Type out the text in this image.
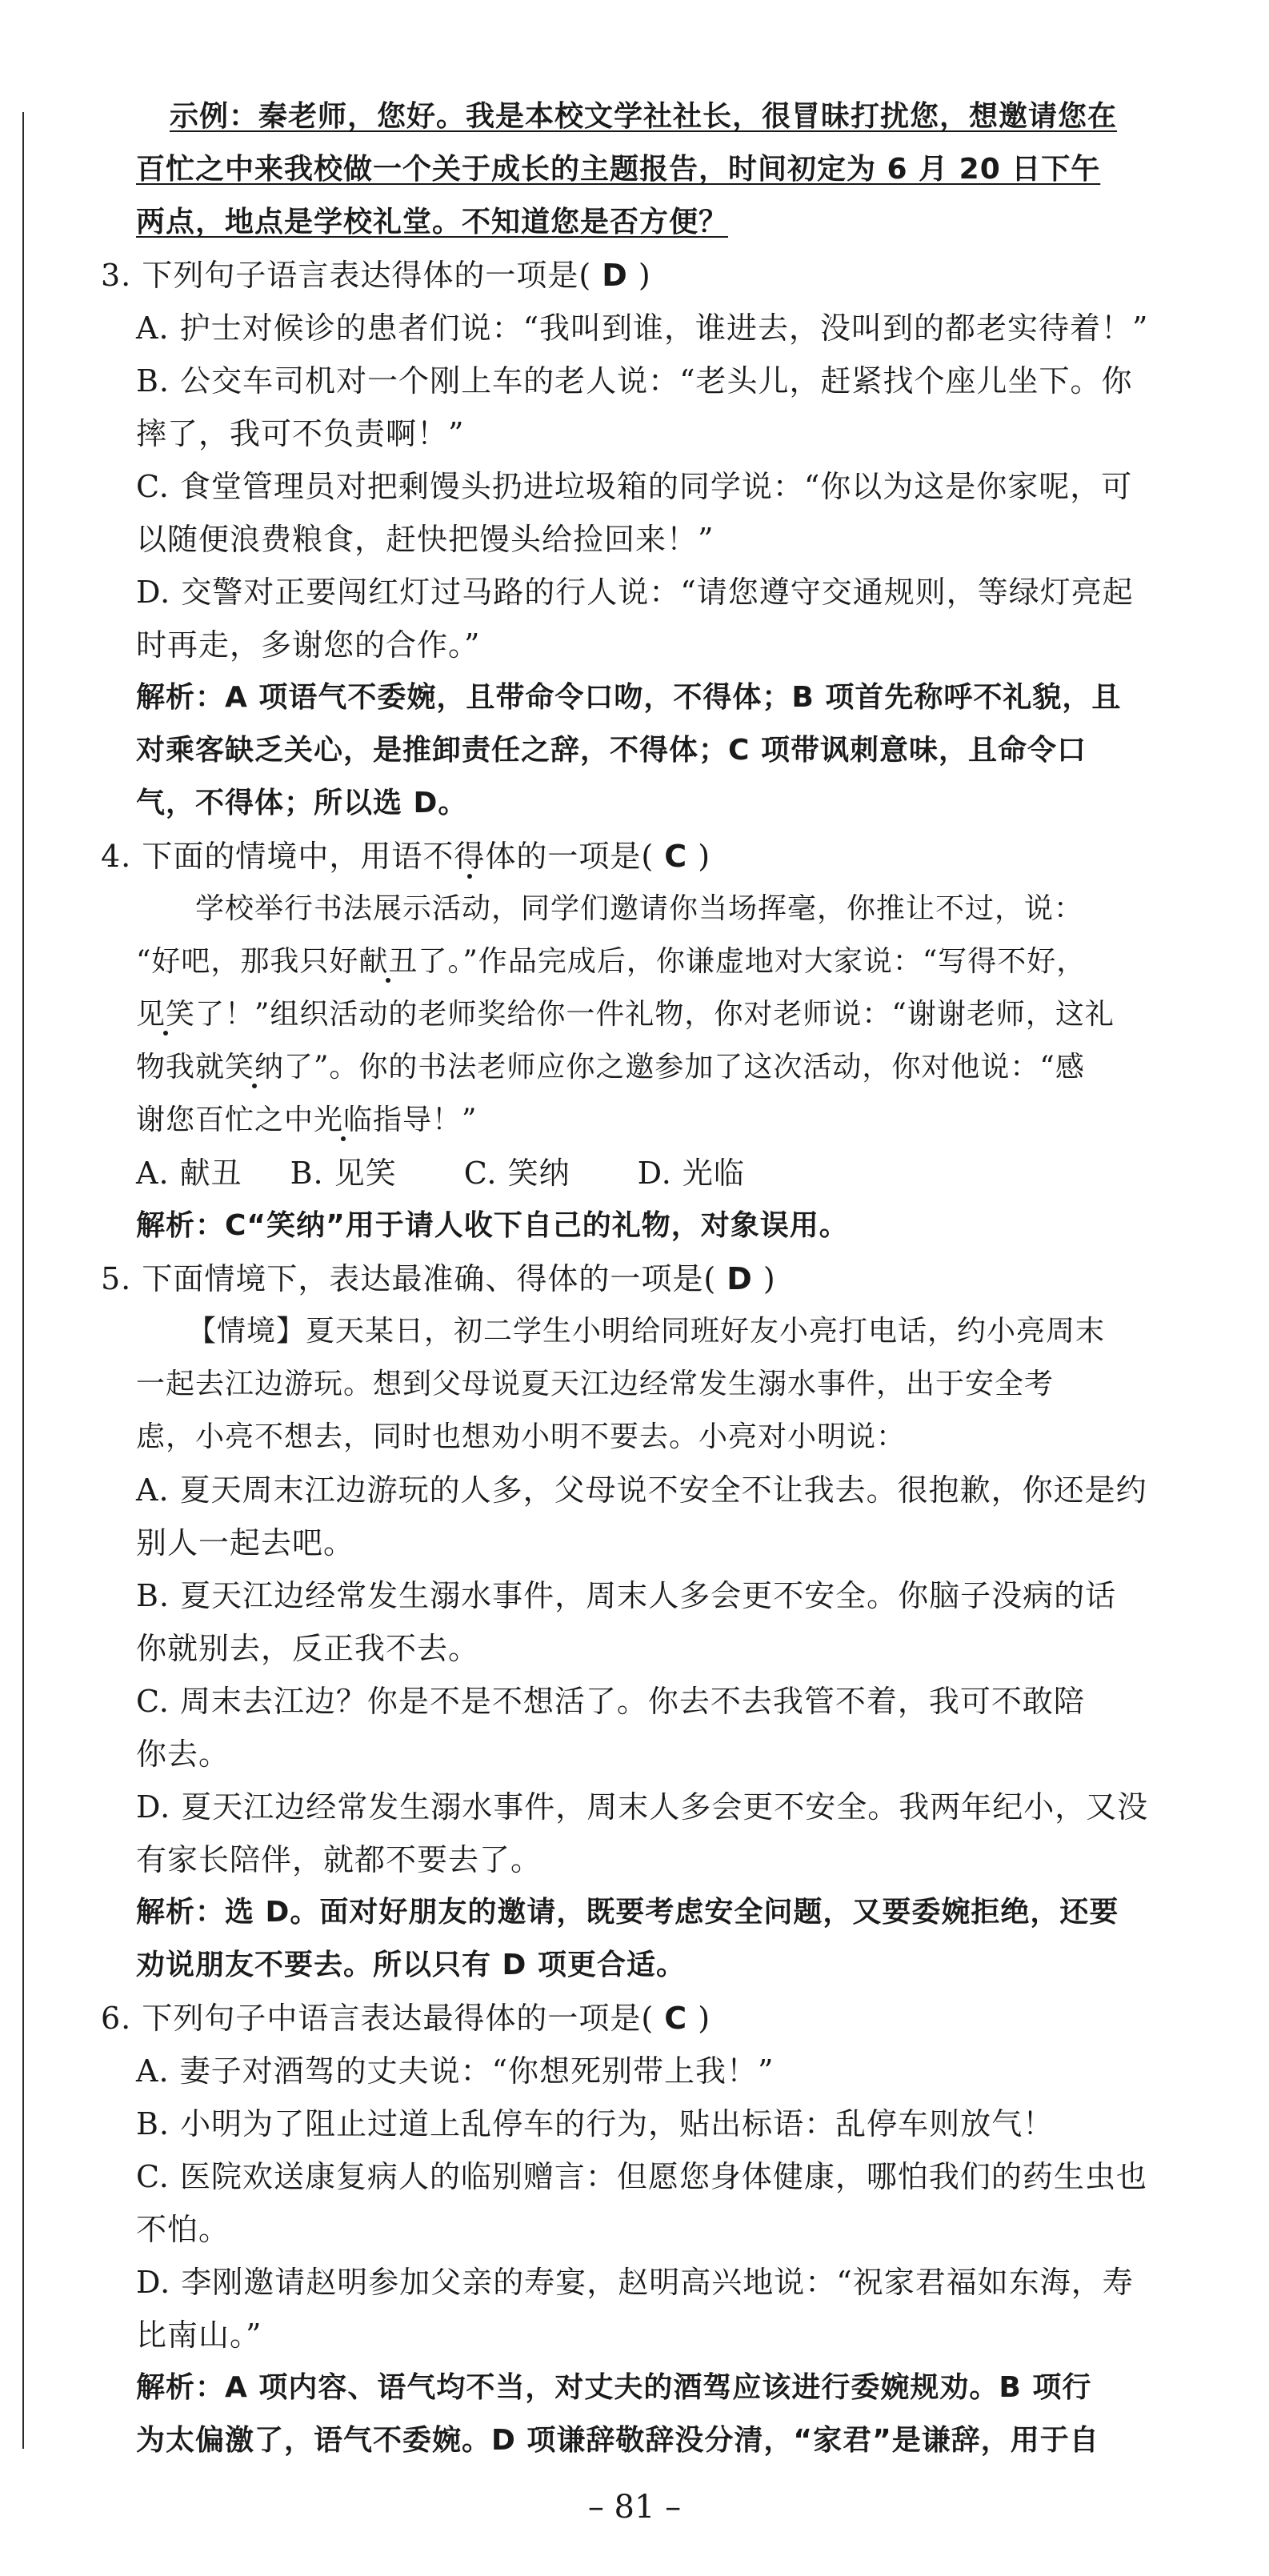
示例：秦老师，您好。我是本校文学社社长，很冒昧打扰您，想邀请您在
百忙之中来我校做一个关于成长的主题报告，时间初定为 6 月 20 日下午
两点，地点是学校礼堂。不知道您是否方便？
3. 下列句子语言表达得体的一项是( D )
A. 护士对候诊的患者们说：“我叫到谁，谁进去，没叫到的都老实待着！”
B. 公交车司机对一个刚上车的老人说：“老头儿，赶紧找个座儿坐下。你
摔了，我可不负责啊！”
C. 食堂管理员对把剩馒头扔进垃圾箱的同学说：“你以为这是你家呢，可
以随便浪费粮食，赶快把馒头给捡回来！”
D. 交警对正要闯红灯过马路的行人说：“请您遵守交通规则，等绿灯亮起
时再走，多谢您的合作。”
解析：A 项语气不委婉，且带命令口吻，不得体；B 项首先称呼不礼貌，且
对乘客缺乏关心，是推卸责任之辞，不得体；C 项带讽刺意味，且命令口
气，不得体；所以选 D。
4. 下面的情境中，用语不得体的一项是( C )
学校举行书法展示活动，同学们邀请你当场挥毫，你推让不过，说：
“好吧，那我只好献丑了。”作品完成后，你谦虚地对大家说：“写得不好，
见笑了！”组织活动的老师奖给你一件礼物，你对老师说：“谢谢老师，这礼
物我就笑纳了”。你的书法老师应你之邀参加了这次活动，你对他说：“感
谢您百忙之中光临指导！”
A. 献丑 B. 见笑 C. 笑纳 D. 光临
解析：C“笑纳”用于请人收下自己的礼物，对象误用。
5. 下面情境下，表达最准确、得体的一项是( D )
【情境】夏天某日，初二学生小明给同班好友小亮打电话，约小亮周末
一起去江边游玩。想到父母说夏天江边经常发生溺水事件，出于安全考
虑，小亮不想去，同时也想劝小明不要去。小亮对小明说：
A. 夏天周末江边游玩的人多，父母说不安全不让我去。很抱歉，你还是约
别人一起去吧。
B. 夏天江边经常发生溺水事件，周末人多会更不安全。你脑子没病的话
你就别去，反正我不去。
C. 周末去江边？你是不是不想活了。你去不去我管不着，我可不敢陪
你去。
D. 夏天江边经常发生溺水事件，周末人多会更不安全。我两年纪小，又没
有家长陪伴，就都不要去了。
解析：选 D。面对好朋友的邀请，既要考虑安全问题，又要委婉拒绝，还要
劝说朋友不要去。所以只有 D 项更合适。
6. 下列句子中语言表达最得体的一项是( C )
A. 妻子对酒驾的丈夫说：“你想死别带上我！”
B. 小明为了阻止过道上乱停车的行为，贴出标语：乱停车则放气！
C. 医院欢送康复病人的临别赠言：但愿您身体健康，哪怕我们的药生虫也
不怕。
D. 李刚邀请赵明参加父亲的寿宴，赵明高兴地说：“祝家君福如东海，寿
比南山。”
解析：A 项内容、语气均不当，对丈夫的酒驾应该进行委婉规劝。B 项行
为太偏激了，语气不委婉。D 项谦辞敬辞没分清，“家君”是谦辞，用于自
– 81 –
